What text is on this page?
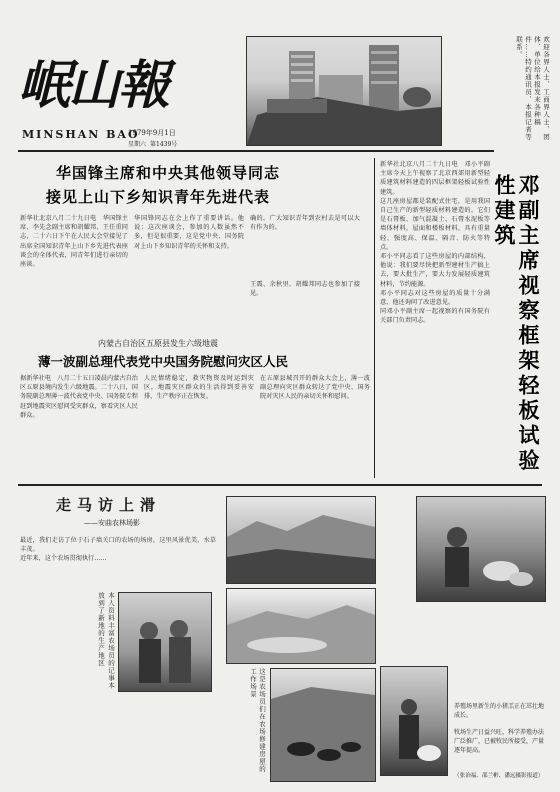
岷山報
MINSHAN BAO
1979年9月1日
星期六 第1439号
欢迎各界人士、工商界人士、团体、单位给本报发来各种稿件……特约通讯员、本报记者等联系。
华国锋主席和中央其他领导同志
接见上山下乡知识青年先进代表
新华社北京八月二十九日电　华国锋主席、李先念副主席和胡耀邦、王任重同志，二十六日下午在人民大会堂接见了出席全国知识青年上山下乡先进代表座谈会的全体代表，同青年们进行亲切的座谈。
华国锋同志在会上作了重要讲话。他说：这次座谈会，参加的人数虽然不多，但是很重要，这是党中央、国务院对上山下乡知识青年的关怀和支持。
确的。广大知识青年到农村去是可以大有作为的。
王震、余秋里、胡耀邦同志也参加了接见。
内蒙古自治区五原县发生六级地震
薄一波副总理代表党中央国务院慰问灾区人民
据新华社电　八月二十五日凌晨内蒙古自治区五原县境内发生六级地震。二十八日，国务院副总理薄一波代表党中央、国务院专程赶到地震灾区慰问受灾群众，察看灾区人民群众。
人民情绪稳定，救灾物资及时运到灾区，地震灾区群众的生活得到妥善安排，生产秩序正在恢复。
在五原县城召开的群众大会上，薄一波副总理向灾区群众转达了党中央、国务院对灾区人民的亲切关怀和慰问。
新华社北京八月二十九日电　邓小平副主席今天上午视察了北京西郊用新型轻质建筑材料建造的四层框架轻板试验性建筑。
这几座房屋都是装配式住宅，是用我国自己生产的新型轻质材料建造的。它们是石膏板、加气混凝土、石膏水泥板等墙体材料，屋面和楼板材料，具有重量轻、强度高、保温、隔音、防火等特点。
邓小平同志看了这些房屋的内部结构，他说：我们要尽快把新型建材生产搞上去，要大批生产，要大力发展轻质建筑材料，节约能源。
邓小平同志对这些房屋的质量十分满意，他还询问了改进意见。
同邓小平副主席一起视察的有国务院有关部门负责同志。	邓副主席视察框架轻板试验性建筑
走马访上滑
——安曲农林场影
最近，我们走访了位于石子墙关口的农场的场房，这里风景优美，水草丰茂。
近年来，这个农场贯彻执行……
本人资料丰富农场员的记事本放到了新地的生产地区
这是农场员们在农场修建房屋的工作场景
养殖场里新生的小猪羔正在茁壮地成长。
牧场生产日益兴旺，科学养殖办法广泛推广，已被牧民所接受，产量逐年提高。
（张治福、邵兰彬、潘远摄影报道）
